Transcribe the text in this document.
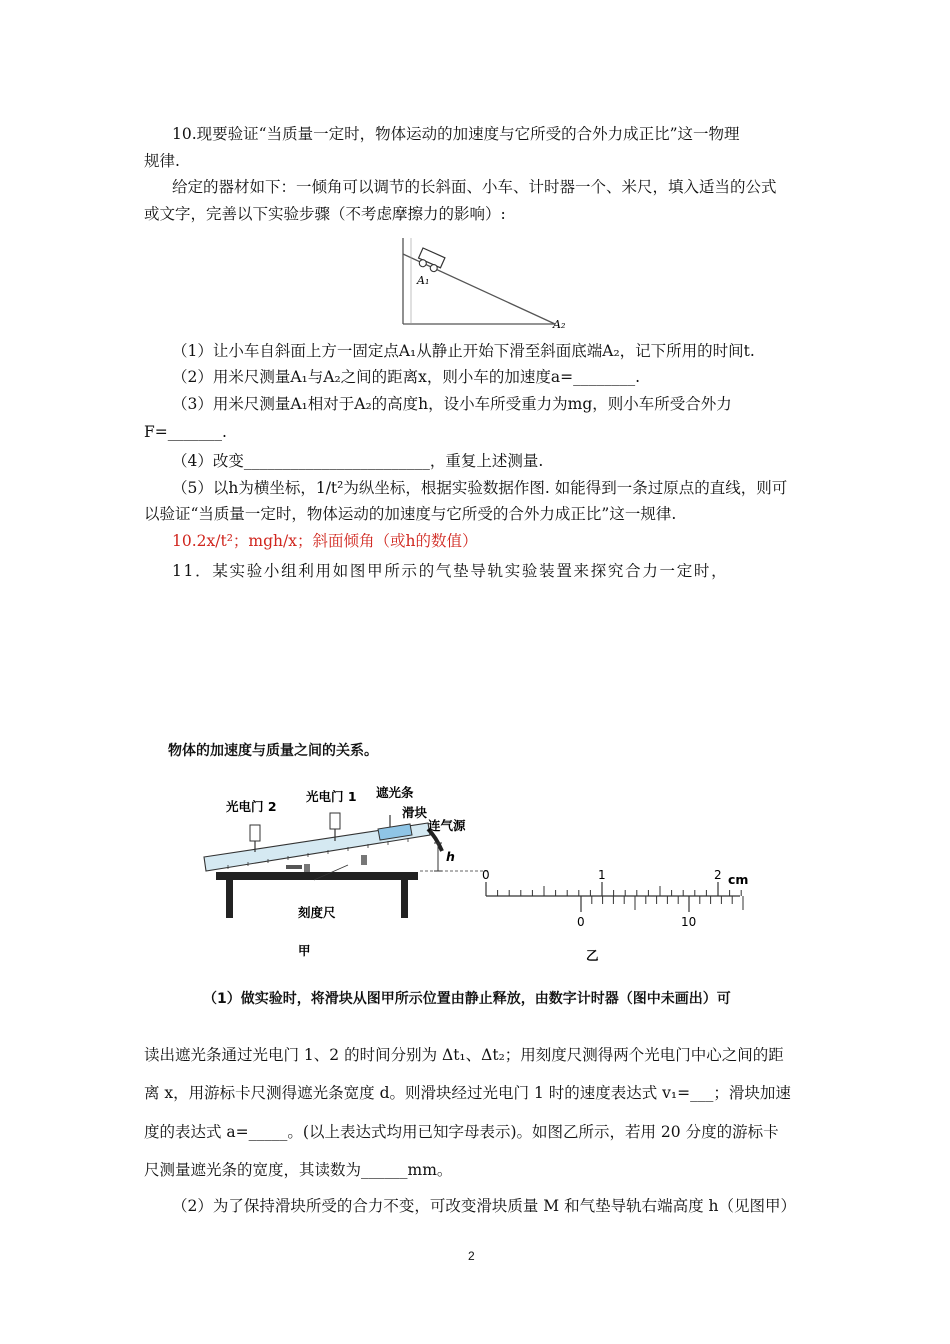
10.现要验证“当质量一定时，物体运动的加速度与它所受的合外力成正比”这一物理
规律.
给定的器材如下：一倾角可以调节的长斜面、小车、计时器一个、米尺，填入适当的公式
或文字，完善以下实验步骤（不考虑摩擦力的影响）:
A₁
A₂
（1）让小车自斜面上方一固定点A₁从静止开始下滑至斜面底端A₂，记下所用的时间t.
（2）用米尺测量A₁与A₂之间的距离x，则小车的加速度a=________.
（3）用米尺测量A₁相对于A₂的高度h，设小车所受重力为mg，则小车所受合外力
F=_______.
（4）改变________________________，重复上述测量.
（5）以h为横坐标，1/t²为纵坐标，根据实验数据作图. 如能得到一条过原点的直线，则可
以验证“当质量一定时，物体运动的加速度与它所受的合外力成正比”这一规律.
10.2x/t²；mgh/x；斜面倾角（或h的数值）
11．某实验小组利用如图甲所示的气垫导轨实验装置来探究合力一定时，
物体的加速度与质量之间的关系。
h
光电门 2
光电门 1 遮光条
滑块
连气源
刻度尺
甲
0	1	2 cm
0	10
乙
（1）做实验时，将滑块从图甲所示位置由静止释放，由数字计时器（图中未画出）可
读出遮光条通过光电门 1、2 的时间分别为 Δt₁、Δt₂；用刻度尺测得两个光电门中心之间的距
离 x，用游标卡尺测得遮光条宽度 d。则滑块经过光电门 1 时的速度表达式 v₁=___；滑块加速
度的表达式 a=_____。(以上表达式均用已知字母表示)。如图乙所示，若用 20 分度的游标卡
尺测量遮光条的宽度，其读数为______mm。
（2）为了保持滑块所受的合力不变，可改变滑块质量 M 和气垫导轨右端高度 h（见图甲）
2
